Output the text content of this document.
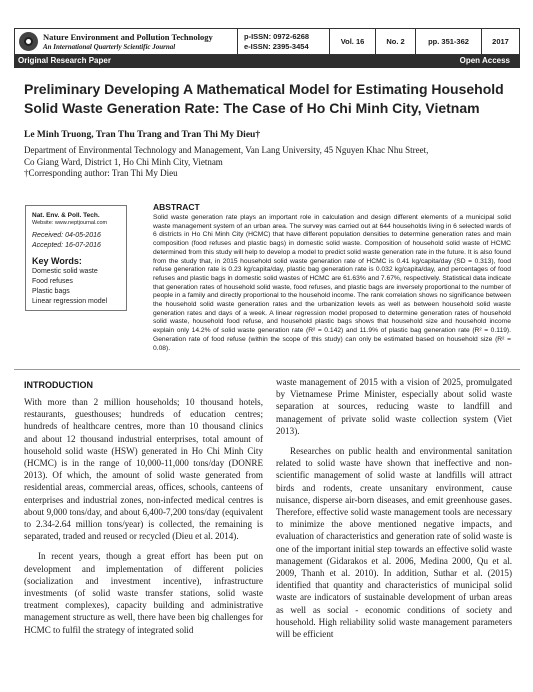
Nature Environment and Pollution Technology
An International Quarterly Scientific Journal
p-ISSN: 0972-6268
e-ISSN: 2395-3454	Vol. 16	No. 2	pp. 351-362	2017
Original Research Paper	Open Access
Preliminary Developing A Mathematical Model for Estimating Household Solid Waste Generation Rate: The Case of Ho Chi Minh City, Vietnam
Le Minh Truong, Tran Thu Trang and Tran Thi My Dieu†
Department of Environmental Technology and Management, Van Lang University, 45 Nguyen Khac Nhu Street,
Co Giang Ward, District 1, Ho Chi Minh City, Vietnam
†Corresponding author: Tran Thi My Dieu
Nat. Env. & Poll. Tech.
Website: www.neptjournal.com
Received: 04-05-2016
Accepted: 16-07-2016
Key Words:
Domestic solid waste
Food refuses
Plastic bags
Linear regression model
ABSTRACT
Solid waste generation rate plays an important role in calculation and design different elements of a municipal solid waste management system of an urban area. The survey was carried out at 644 households living in 6 selected wards of 6 districts in Ho Chi Minh City (HCMC) that have different population densities to determine generation rates and main composition (food refuses and plastic bags) in domestic solid waste. Composition of household solid waste of HCMC determined from this study will help to develop a model to predict solid waste generation rate in the future. It is also found from the study that, in 2015 household solid waste generation rate of HCMC is 0.41 kg/capita/day (SD = 0.313), food refuse generation rate is 0.23 kg/capita/day, plastic bag generation rate is 0.032 kg/capita/day, and percentages of food refuses and plastic bags in domestic solid wastes of HCMC are 61.63% and 7.67%, respectively. Statistical data indicate that generation rates of household solid waste, food refuses, and plastic bags are inversely proportional to the number of people in a family and directly proportional to the household income. The rank correlation shows no significance between the household solid waste generation rates and the urbanization levels as well as between household solid waste generation rates and days of a week. A linear regression model proposed to determine generation rates of household solid waste, household food refuse, and household plastic bags shows that household size and household income explain only 14.2% of solid waste generation rate (R² = 0.142) and 11.9% of plastic bag generation rate (R² = 0.119). Generation rate of food refuse (within the scope of this study) can only be estimated based on household size (R² = 0.08).
INTRODUCTION

With more than 2 million households; 10 thousand hotels, restaurants, guesthouses; hundreds of education centres; hundreds of healthcare centres, more than 10 thousand clinics and about 12 thousand industrial enterprises, total amount of household solid waste (HSW) generated in Ho Chi Minh City (HCMC) is in the range of 10,000-11,000 tons/day (DONRE 2013). Of which, the amount of solid waste generated from residential areas, commercial areas, offices, schools, canteens of enterprises and industrial zones, non-infected medical centres is about 9,000 tons/day, and about 6,400-7,200 tons/day (equivalent to 2.34-2.64 million tons/year) is collected, the remaining is separated, traded and reused or recycled (Dieu et al. 2014).

In recent years, though a great effort has been put on development and implementation of different policies (socialization and investment incentive), infrastructure investments (of solid waste transfer stations, solid waste treatment complexes), capacity building and administrative management structure as well, there have been big challenges for HCMC to fulfil the strategy of integrated solid

waste management of 2015 with a vision of 2025, promulgated by Vietnamese Prime Minister, especially about solid waste separation at sources, reducing waste to landfill and management of private solid waste collection system (Viet 2013).

Researches on public health and environmental sanitation related to solid waste have shown that ineffective and non-scientific management of solid waste at landfills will attract birds and rodents, create unsanitary environment, cause nuisance, disperse air-born diseases, and emit greenhouse gases. Therefore, effective solid waste management tools are necessary to minimize the above mentioned negative impacts, and evaluation of characteristics and generation rate of solid waste is one of the important initial step towards an effective solid waste management (Gidarakos et al. 2006, Medina 2000, Qu et al. 2009, Thanh et al. 2010). In addition, Suthar et al. (2015) identified that quantity and characteristics of municipal solid waste are indicators of sustainable development of urban areas as well as social - economic conditions of society and household. High reliability solid waste management parameters will be efficient
